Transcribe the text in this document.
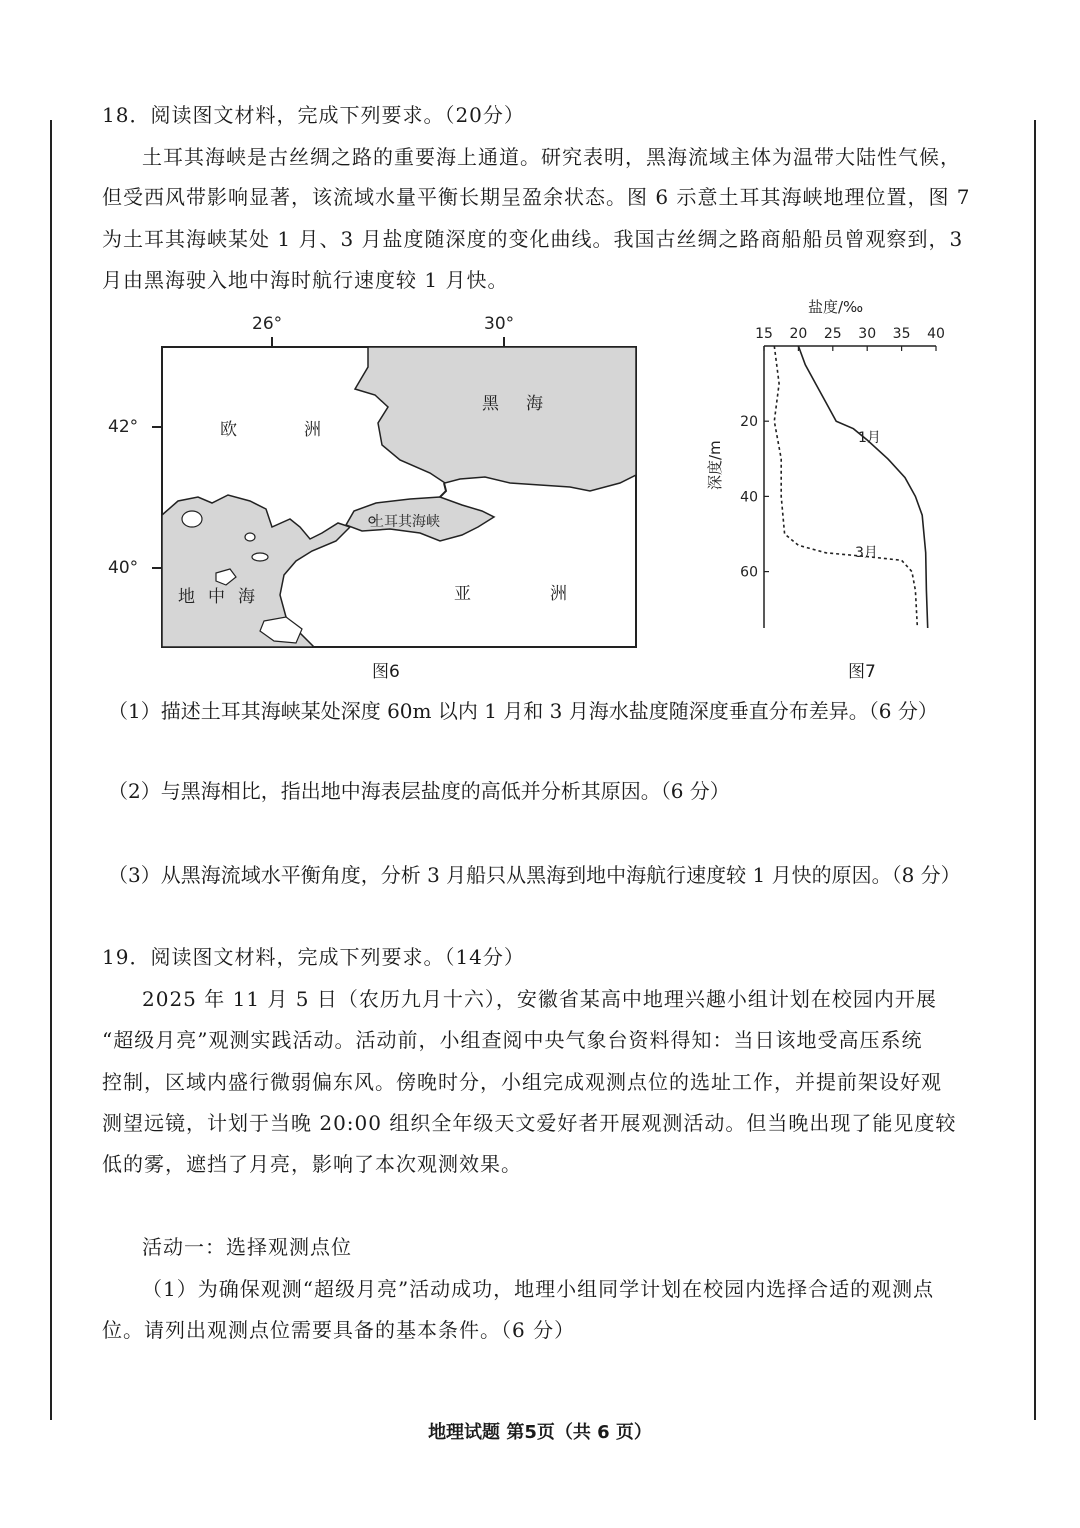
18．阅读图文材料，完成下列要求。（20分）
土耳其海峡是古丝绸之路的重要海上通道。研究表明，黑海流域主体为温带大陆性气候，
但受西风带影响显著，该流域水量平衡长期呈盈余状态。图 6 示意土耳其海峡地理位置，图 7
为土耳其海峡某处 1 月、3 月盐度随深度的变化曲线。我国古丝绸之路商船船员曾观察到，3
月由黑海驶入地中海时航行速度较 1 月快。
26°	30°
42°
40°
欧	洲
黑 海
土耳其海峡
地 中 海	亚	洲
图6
盐度/‰
15 20 25 30 35 40
20
40
60
深度/m
1月
3月
图7
（1）描述土耳其海峡某处深度 60m 以内 1 月和 3 月海水盐度随深度垂直分布差异。（6 分）
（2）与黑海相比，指出地中海表层盐度的高低并分析其原因。（6 分）
（3）从黑海流域水平衡角度，分析 3 月船只从黑海到地中海航行速度较 1 月快的原因。（8 分）
19．阅读图文材料，完成下列要求。（14分）
2025 年 11 月 5 日（农历九月十六），安徽省某高中地理兴趣小组计划在校园内开展
“超级月亮”观测实践活动。活动前，小组查阅中央气象台资料得知：当日该地受高压系统
控制，区域内盛行微弱偏东风。傍晚时分，小组完成观测点位的选址工作，并提前架设好观
测望远镜，计划于当晚 20:00 组织全年级天文爱好者开展观测活动。但当晚出现了能见度较
低的雾，遮挡了月亮，影响了本次观测效果。
活动一：选择观测点位
（1）为确保观测“超级月亮”活动成功，地理小组同学计划在校园内选择合适的观测点
位。请列出观测点位需要具备的基本条件。（6 分）
地理试题 第5页（共 6 页）
